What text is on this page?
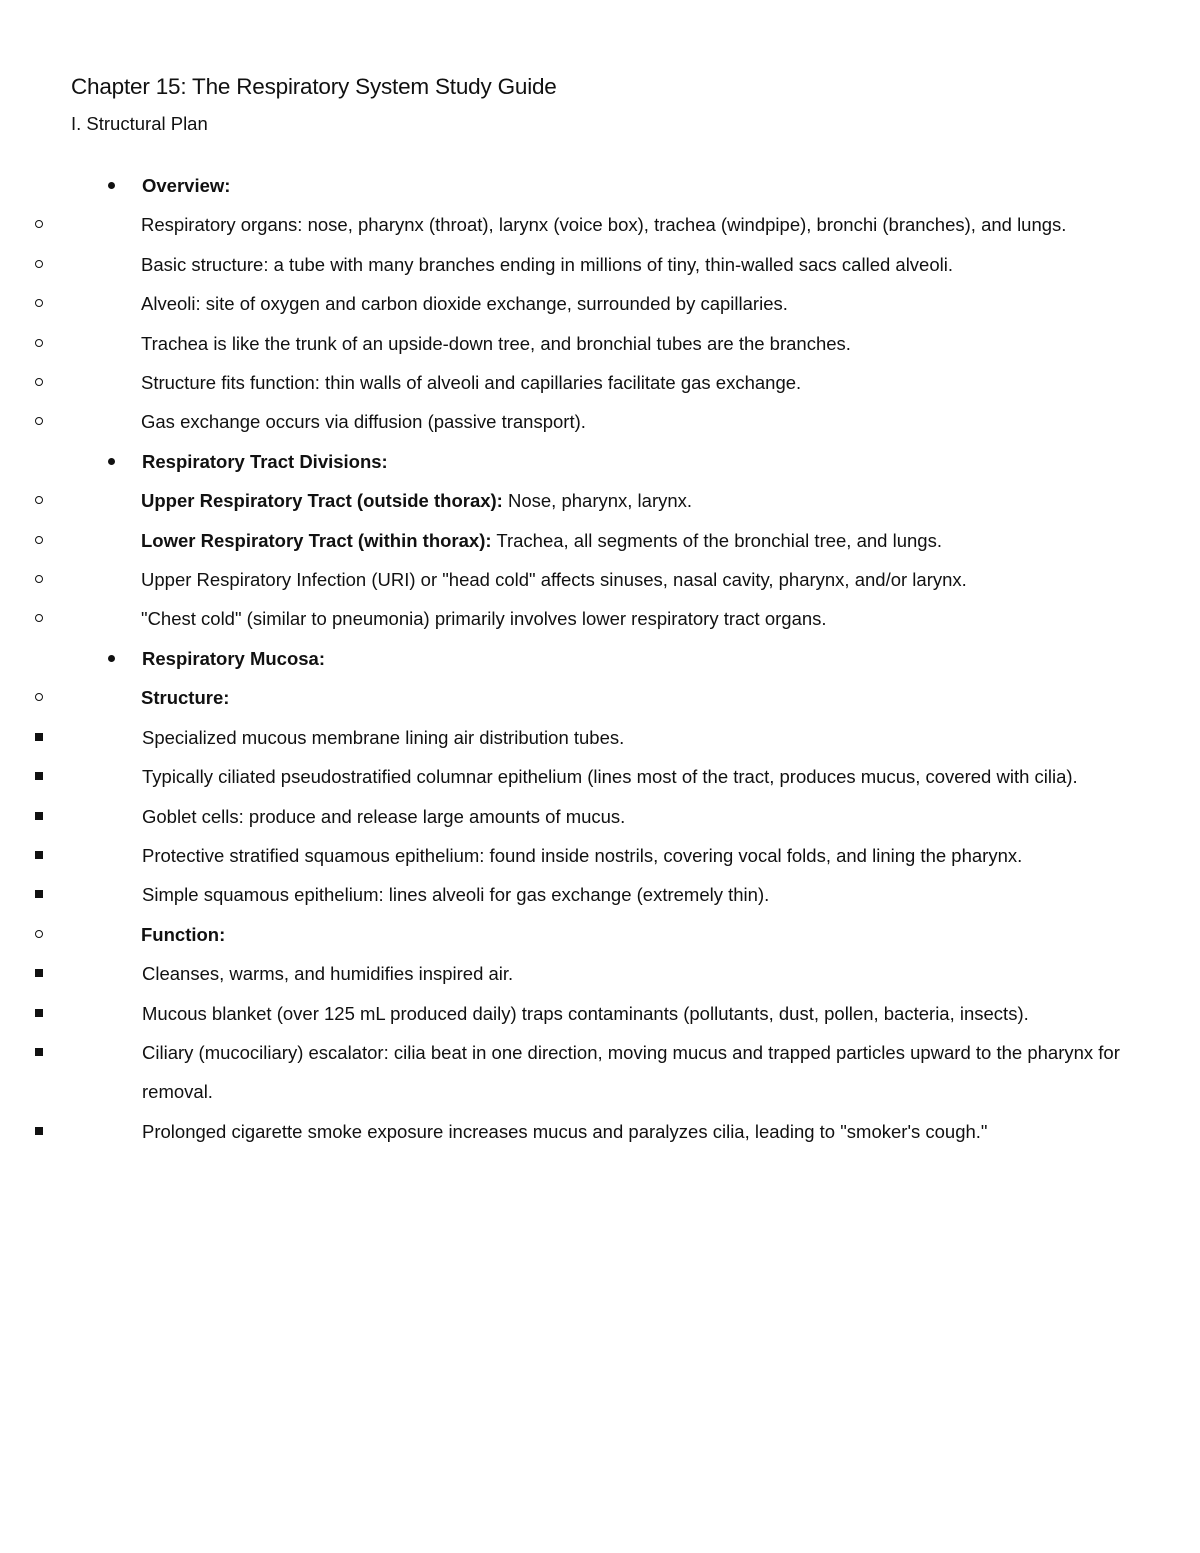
Chapter 15: The Respiratory System Study Guide
I. Structural Plan
Overview:
Respiratory organs: nose, pharynx (throat), larynx (voice box), trachea (windpipe), bronchi (branches), and lungs.
Basic structure: a tube with many branches ending in millions of tiny, thin-walled sacs called alveoli.
Alveoli: site of oxygen and carbon dioxide exchange, surrounded by capillaries.
Trachea is like the trunk of an upside-down tree, and bronchial tubes are the branches.
Structure fits function: thin walls of alveoli and capillaries facilitate gas exchange.
Gas exchange occurs via diffusion (passive transport).
Respiratory Tract Divisions:
Upper Respiratory Tract (outside thorax): Nose, pharynx, larynx.
Lower Respiratory Tract (within thorax): Trachea, all segments of the bronchial tree, and lungs.
Upper Respiratory Infection (URI) or "head cold" affects sinuses, nasal cavity, pharynx, and/or larynx.
"Chest cold" (similar to pneumonia) primarily involves lower respiratory tract organs.
Respiratory Mucosa:
Structure:
Specialized mucous membrane lining air distribution tubes.
Typically ciliated pseudostratified columnar epithelium (lines most of the tract, produces mucus, covered with cilia).
Goblet cells: produce and release large amounts of mucus.
Protective stratified squamous epithelium: found inside nostrils, covering vocal folds, and lining the pharynx.
Simple squamous epithelium: lines alveoli for gas exchange (extremely thin).
Function:
Cleanses, warms, and humidifies inspired air.
Mucous blanket (over 125 mL produced daily) traps contaminants (pollutants, dust, pollen, bacteria, insects).
Ciliary (mucociliary) escalator: cilia beat in one direction, moving mucus and trapped particles upward to the pharynx for removal.
Prolonged cigarette smoke exposure increases mucus and paralyzes cilia, leading to "smoker's cough."
